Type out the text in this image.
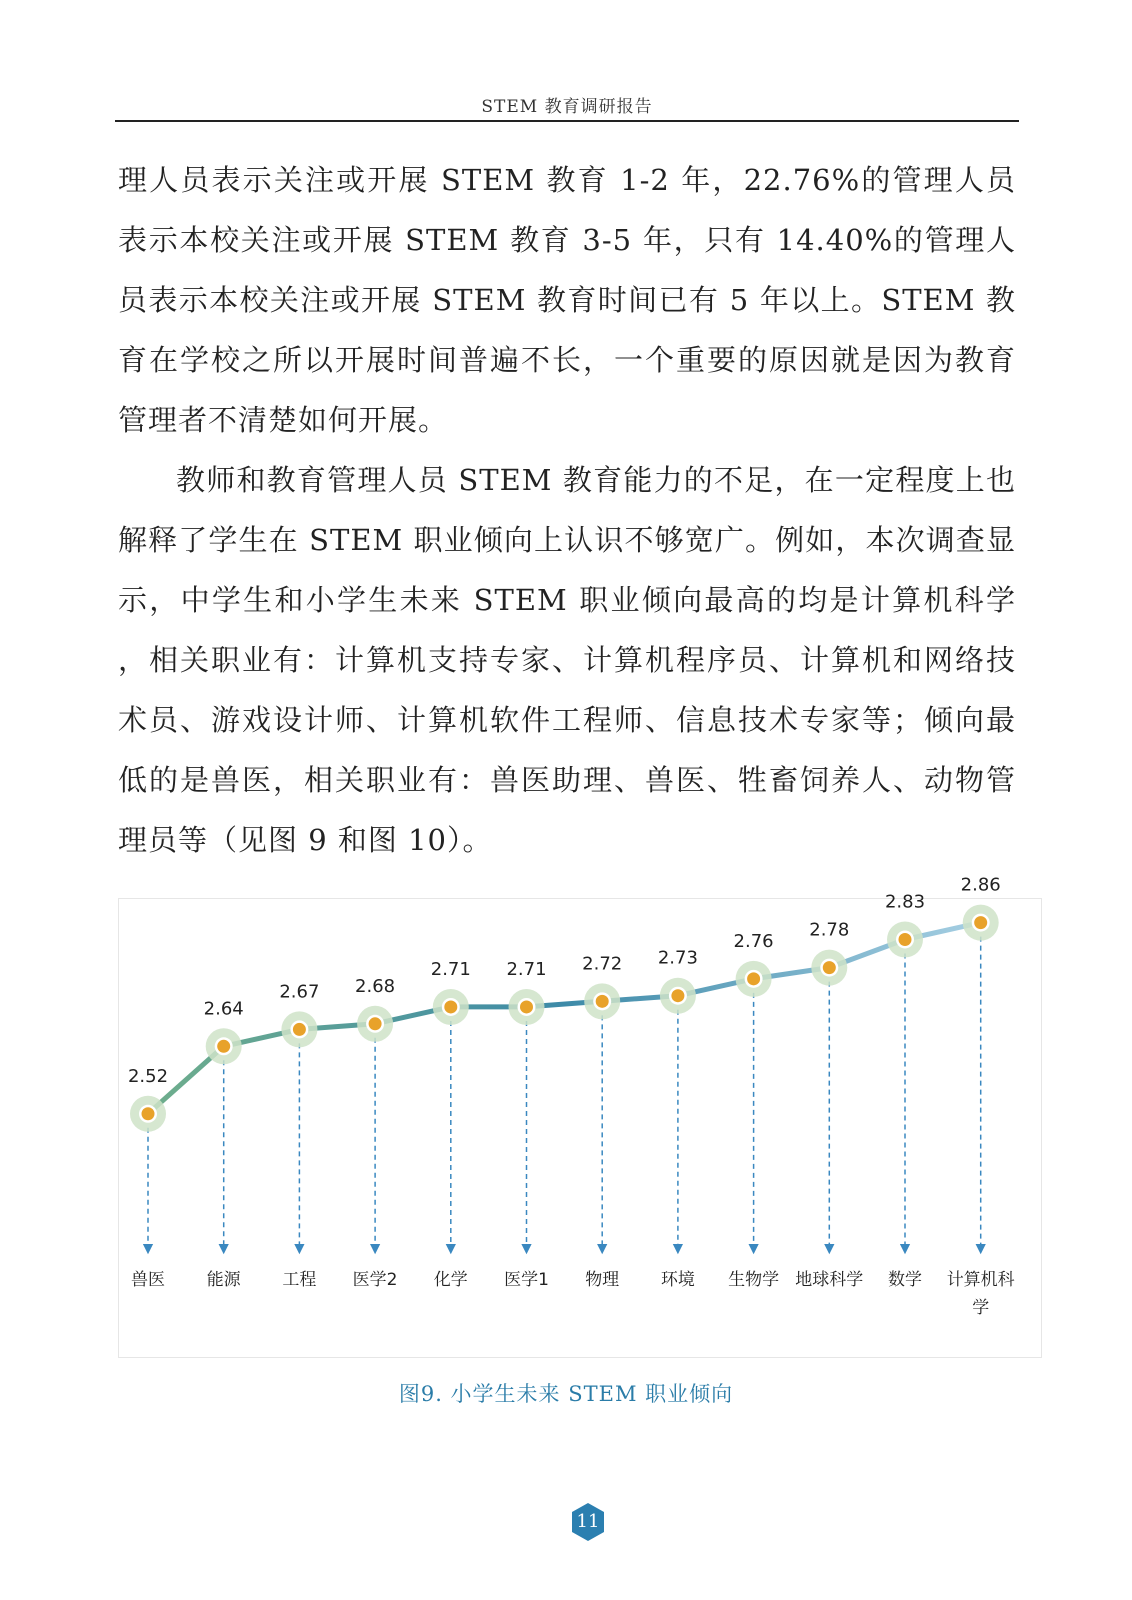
STEM 教育调研报告

理人员表示关注或开展 STEM 教育 1-2 年，22.76%的管理人员表示本校关注或开展 STEM 教育 3-5 年，只有 14.40%的管理人员表示本校关注或开展 STEM 教育时间已有 5 年以上。STEM 教育在学校之所以开展时间普遍不长，一个重要的原因就是因为教育管理者不清楚如何开展。

教师和教育管理人员 STEM 教育能力的不足，在一定程度上也解释了学生在 STEM 职业倾向上认识不够宽广。例如，本次调查显示，中学生和小学生未来 STEM 职业倾向最高的均是计算机科学 ，相关职业有：计算机支持专家、计算机程序员、计算机和网络技术员、游戏设计师、计算机软件工程师、信息技术专家等；倾向最低的是兽医，相关职业有：兽医助理、兽医、牲畜饲养人、动物管理员等（见图 9 和图 10）。

2.52
2.64
2.67 2.68
2.71 2.71 2.72 2.73
2.76
2.78
2.83
2.86
兽医 能源 工程 医学2 化学 医学1 物理 环境 生物学 地球科学 数学 计算机科学
图9. 小学生未来 STEM 职业倾向
11
